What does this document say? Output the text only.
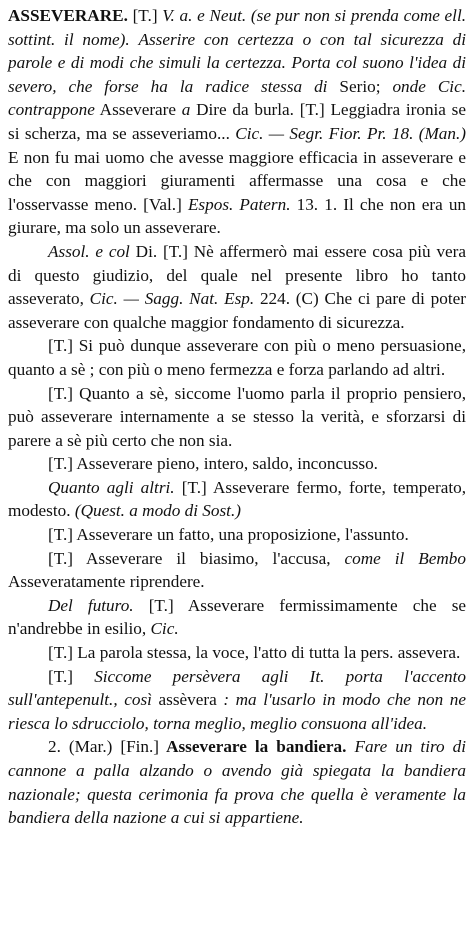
ASSEVERARE. [T.] V. a. e Neut. (se pur non si prenda come ell. sottint. il nome). Asserire con certezza o con tal sicurezza di parole e di modi che simuli la certezza. Porta col suono l'idea di severo, che forse ha la radice stessa di Serio; onde Cic. contrappone Asseverare a Dire da burla. [T.] Leggiadra ironia se si scherza, ma se asseveriamo... Cic. — Segr. Fior. Pr. 18. (Man.) E non fu mai uomo che avesse maggiore efficacia in asseverare e che con maggiori giuramenti affermasse una cosa e che l'osservasse meno. [Val.] Espos. Patern. 13. 1. Il che non era un giurare, ma solo un asseverare.

Assol. e col Di. [T.] Nè affermerò mai essere cosa più vera di questo giudizio, del quale nel presente libro ho tanto asseverato, Cic. — Sagg. Nat. Esp. 224. (C) Che ci pare di poter asseverare con qualche maggior fondamento di sicurezza.

[T.] Si può dunque asseverare con più o meno persuasione, quanto a sè ; con più o meno fermezza e forza parlando ad altri.

[T.] Quanto a sè, siccome l'uomo parla il proprio pensiero, può asseverare internamente a se stesso la verità, e sforzarsi di parere a sè più certo che non sia.

[T.] Asseverare pieno, intero, saldo, inconcusso.

Quanto agli altri. [T.] Asseverare fermo, forte, temperato, modesto. (Quest. a modo di Sost.)

[T.] Asseverare un fatto, una proposizione, l'assunto.

[T.] Asseverare il biasimo, l'accusa, come il Bembo Asseveratamente riprendere.

Del futuro. [T.] Asseverare fermissimamente che se n'andrebbe in esilio, Cic.

[T.] La parola stessa, la voce, l'atto di tutta la pers. assevera.

[T.] Siccome persèvera agli It. porta l'accento sull'antepenult., così assèvera : ma l'usarlo in modo che non ne riesca lo sdrucciolo, torna meglio, meglio consuona all'idea.

2. (Mar.) [Fin.] Asseverare la bandiera. Fare un tiro di cannone a palla alzando o avendo già spiegata la bandiera nazionale; questa cerimonia fa prova che quella è veramente la bandiera della nazione a cui si appartiene.
